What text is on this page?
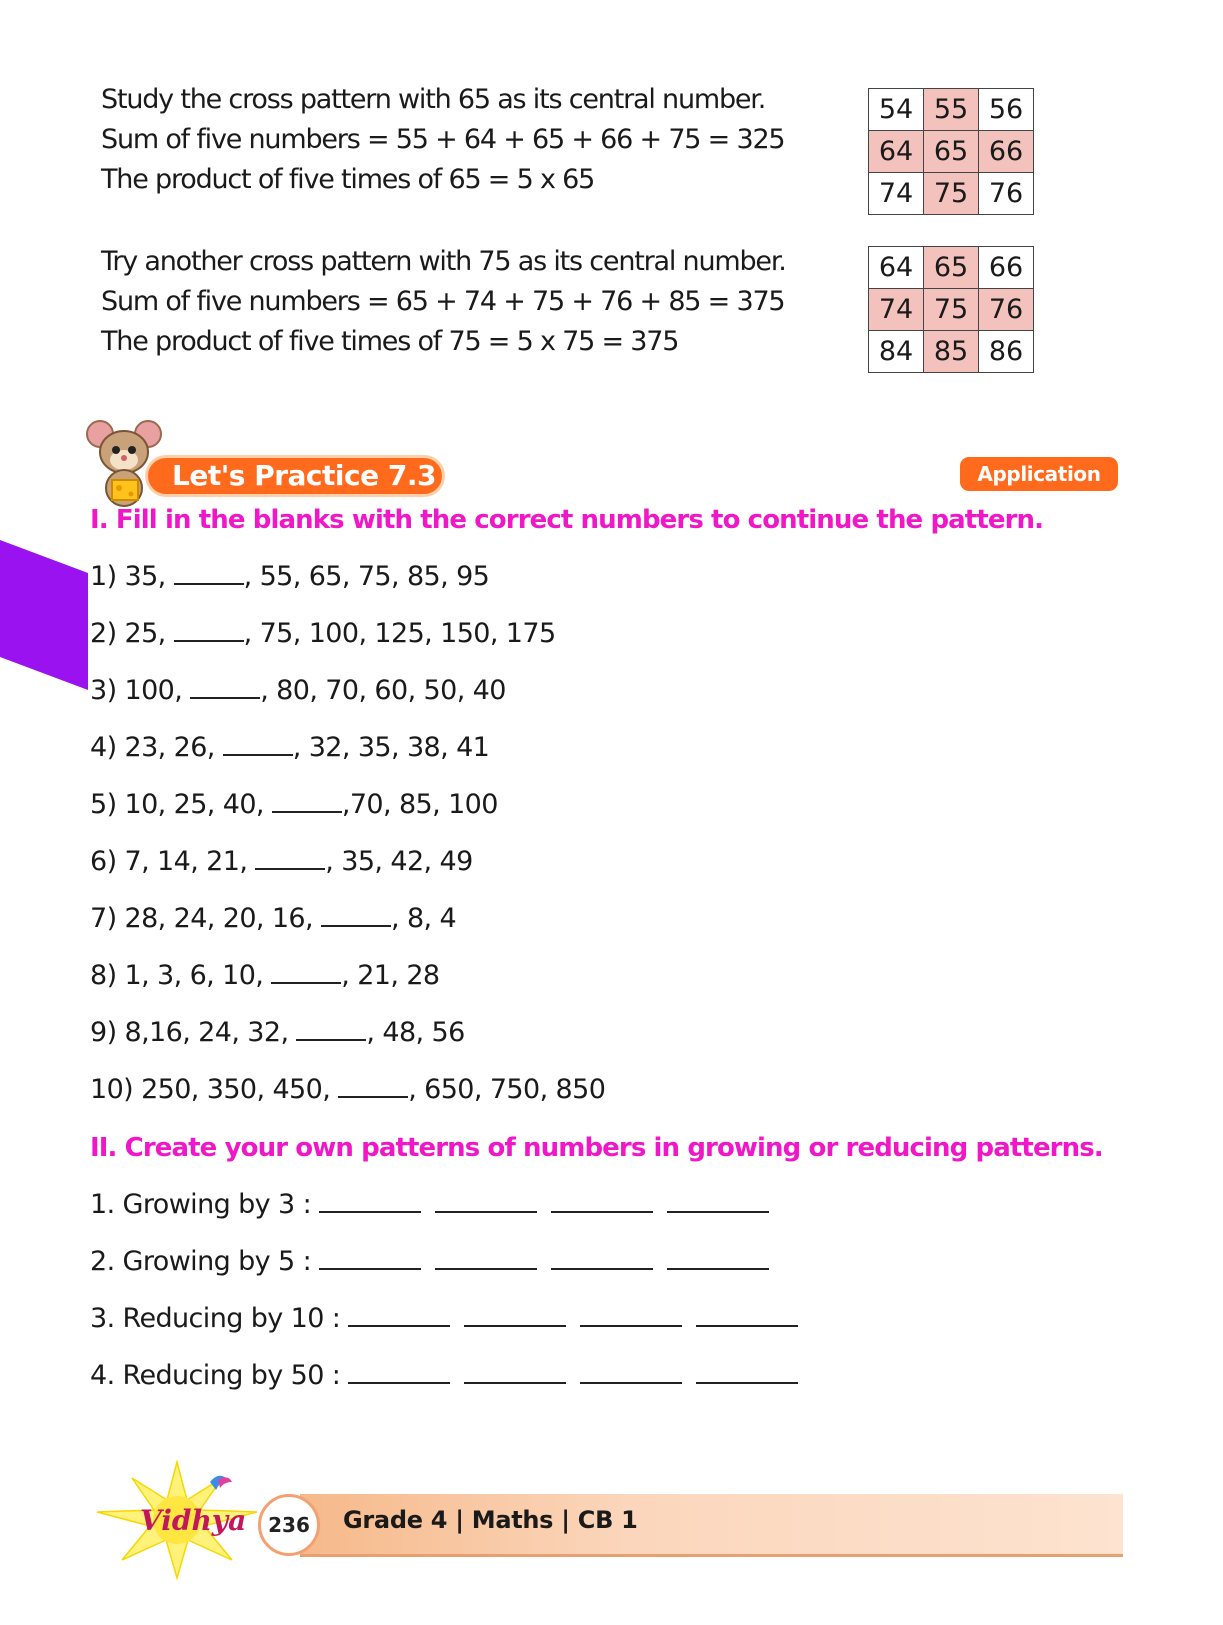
Study the cross pattern with 65 as its central number.
Sum of five numbers = 55 + 64 + 65 + 66 + 75 = 325
The product of five times of 65 = 5 x 65
54	55	56
64	65	66
74	75	76
Try another cross pattern with 75 as its central number.
Sum of five numbers = 65 + 74 + 75 + 76 + 85 = 375
The product of five times of 75 = 5 x 75 = 375
64	65	66
74	75	76
84	85	86
Let's Practice 7.3	Application
I. Fill in the blanks with the correct numbers to continue the pattern.
1) 35,	, 55, 65, 75, 85, 95
2) 25,	, 75, 100, 125, 150, 175
3) 100,	, 80, 70, 60, 50, 40
4) 23, 26,	, 32, 35, 38, 41
5) 10, 25, 40,	,70, 85, 100
6) 7, 14, 21,	, 35, 42, 49
7) 28, 24, 20, 16,	, 8, 4
8) 1, 3, 6, 10,	, 21, 28
9) 8,16, 24, 32,	, 48, 56
10) 250, 350, 450,	, 650, 750, 850
II. Create your own patterns of numbers in growing or reducing patterns.
1. Growing by 3 :
2. Growing by 5 :
3. Reducing by 10 :
4. Reducing by 50 :
Vidhya	236	Grade 4 | Maths | CB 1
